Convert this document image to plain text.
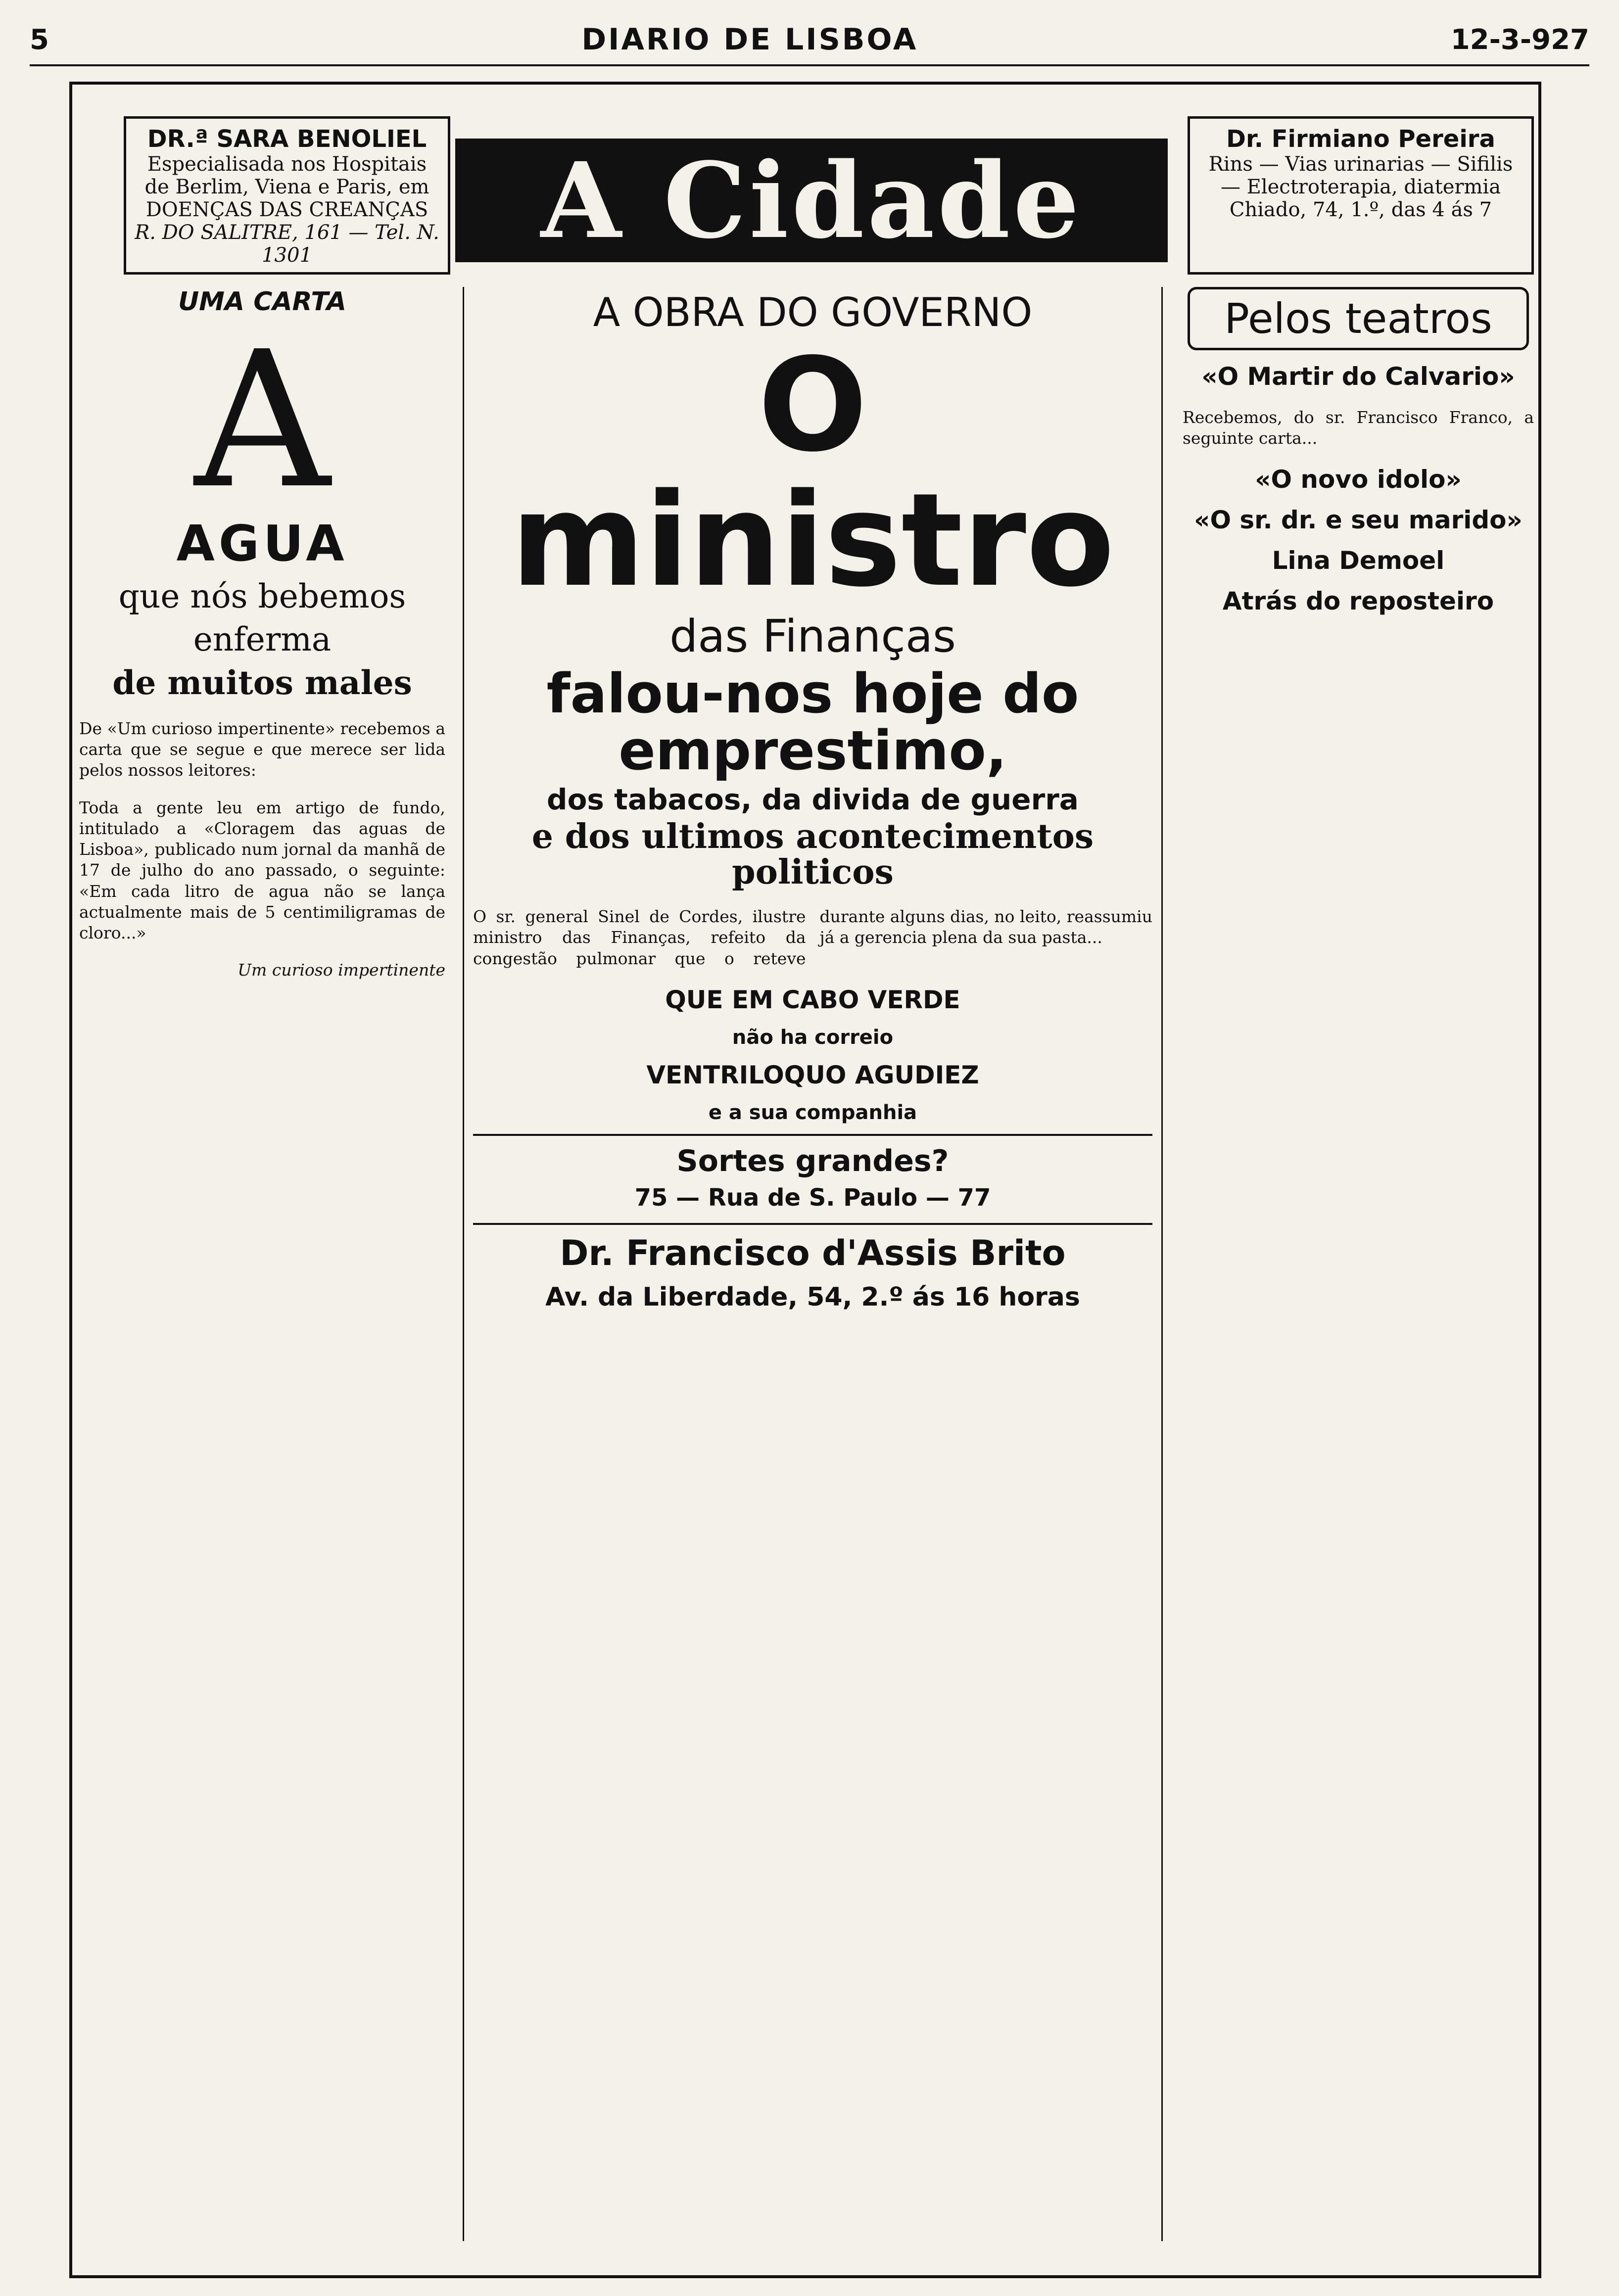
5	DIARIO DE LISBOA	12-3-927
DR.ª SARA BENOLIEL
Especialisada nos Hospitais de Berlim, Viena e Paris, em DOENÇAS DAS CREANÇAS
R. DO SALITRE, 161 — Tel. N. 1301	A Cidade
Dr. Firmiano Pereira
Rins — Vias urinarias — Sifilis — Electroterapia, diatermia
Chiado, 74, 1.º, das 4 ás 7
UMA CARTA
A
AGUA
que nós bebemos
enferma
de muitos males

De «Um curioso impertinente» recebemos a carta que se segue e que merece ser lida pelos nossos leitores:

Toda a gente leu em artigo de fundo, intitulado a «Cloragem das aguas de Lisboa», publicado num jornal da manhã de 17 de julho do ano passado, o seguinte: «Em cada litro de agua não se lança actualmente mais de 5 centimiligramas de cloro...»

Um curioso impertinente

A OBRA DO GOVERNO
O ministro
das Finanças
falou-nos hoje do emprestimo,
dos tabacos, da divida de guerra
e dos ultimos acontecimentos politicos

O sr. general Sinel de Cordes, ilustre ministro das Finanças, refeito da congestão pulmonar que o reteve durante alguns dias, no leito, reassumiu já a gerencia plena da sua pasta...

QUE EM CABO VERDE
não ha correio
VENTRILOQUO AGUDIEZ
e a sua companhia
Sortes grandes?
75 — Rua de S. Paulo — 77
Dr. Francisco d'Assis Brito
Av. da Liberdade, 54, 2.º ás 16 horas
Pelos teatros
«O Martir do Calvario»

Recebemos, do sr. Francisco Franco, a seguinte carta...

«O novo idolo»
«O sr. dr. e seu marido»
Lina Demoel
Atrás do reposteiro
